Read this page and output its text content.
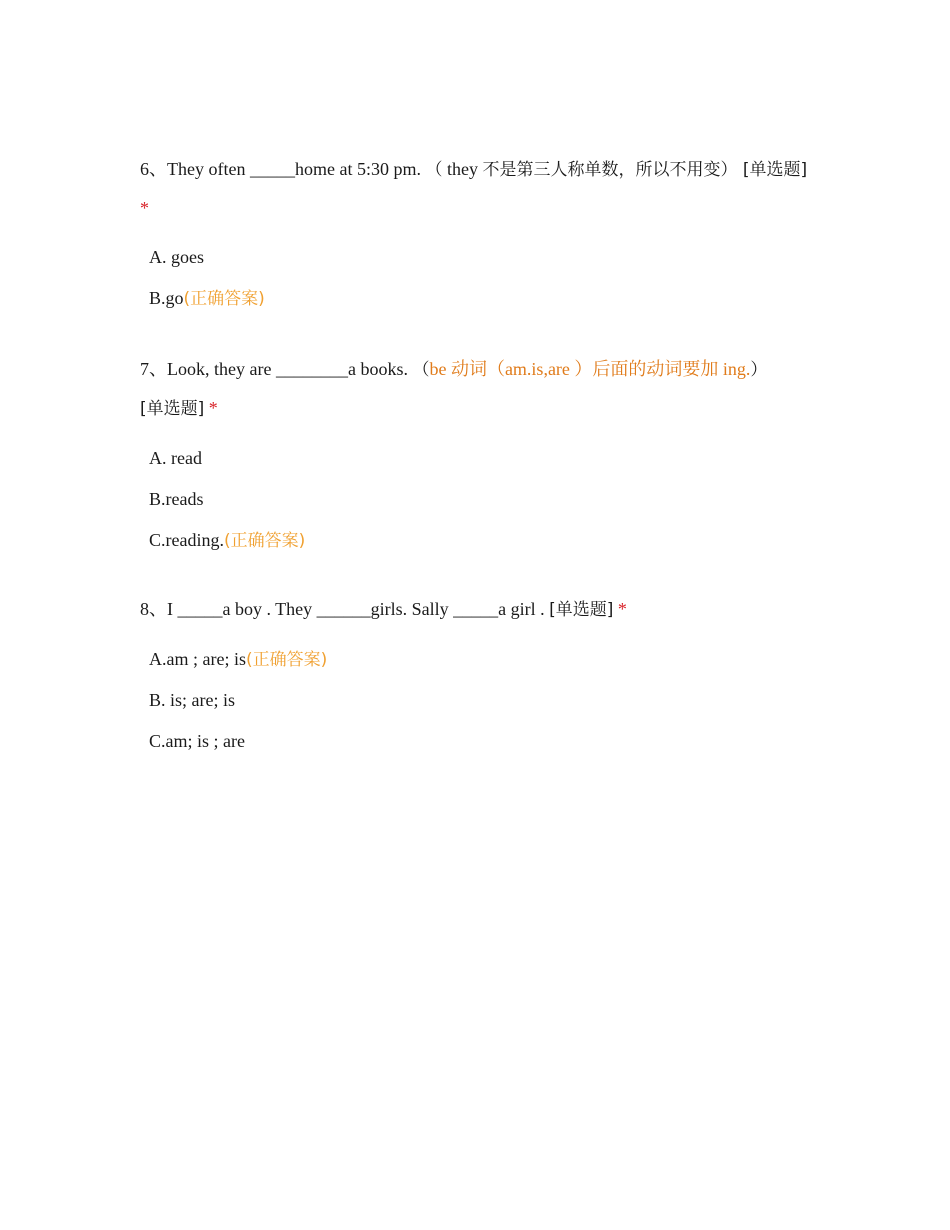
6、They often _____home at 5:30 pm. （ they 不是第三人称单数，所以不用变） [单选题] *

A. goes

B.go(正确答案)

7、Look, they are ________a books. （be 动词（am.is,are ）后面的动词要加 ing.）
[单选题] *

A. read

B.reads

C.reading.(正确答案)

8、I _____a boy . They ______girls. Sally _____a girl . [单选题] *

A.am ; are; is(正确答案)

B. is; are; is

C.am; is ; are
